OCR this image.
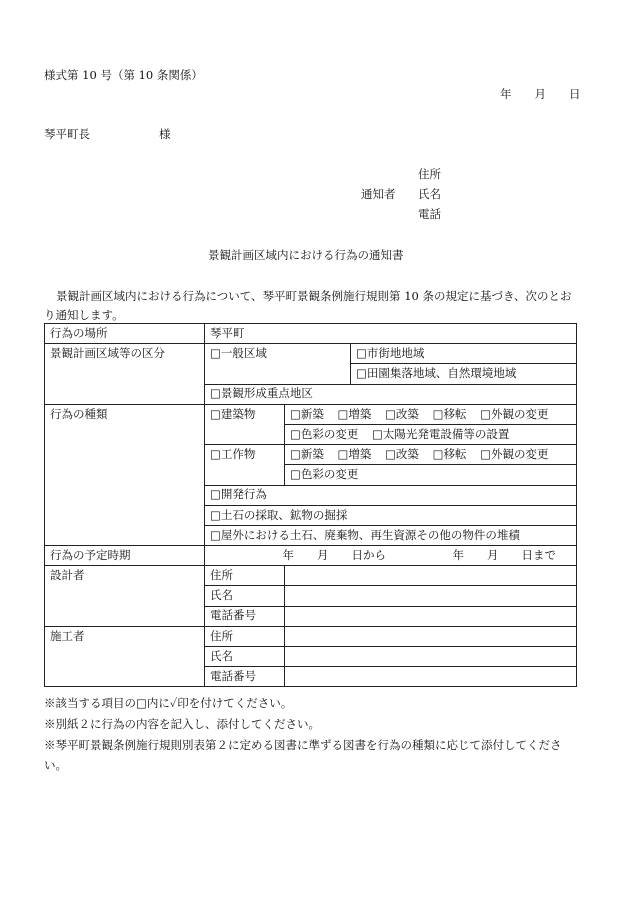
様式第 10 号（第 10 条関係）
年　　月　　日
琴平町長　　　　　　様
住所
通知者 氏名
電話
景観計画区域内における行為の通知書
景観計画区域内における行為について、琴平町景観条例施行規則第 10 条の規定に基づき、次のとおり通知します。
行為の場所	琴平町		
景観計画区域等の区分	□一般区域		□市街地地域
			□田園集落地域、自然環境地域
	□景観形成重点地区		
行為の種類	□建築物	□新築 □増築 □改築 □移転 □外観の変更	
		□色彩の変更 □太陽光発電設備等の設置	
	□工作物	□新築 □増築 □改築 □移転 □外観の変更	
		□色彩の変更	
	□開発行為		
	□土石の採取、鉱物の掘採		
	□屋外における土石、廃棄物、再生資源その他の物件の堆積		
行為の予定時期	年　　月　　日から 年　　月　　日まで		
設計者	住所		
	氏名		
	電話番号		
施工者	住所		
	氏名		
	電話番号		
※該当する項目の□内に✓印を付けてください。
※別紙２に行為の内容を記入し、添付してください。
※琴平町景観条例施行規則別表第２に定める図書に準ずる図書を行為の種類に応じて添付してください。
